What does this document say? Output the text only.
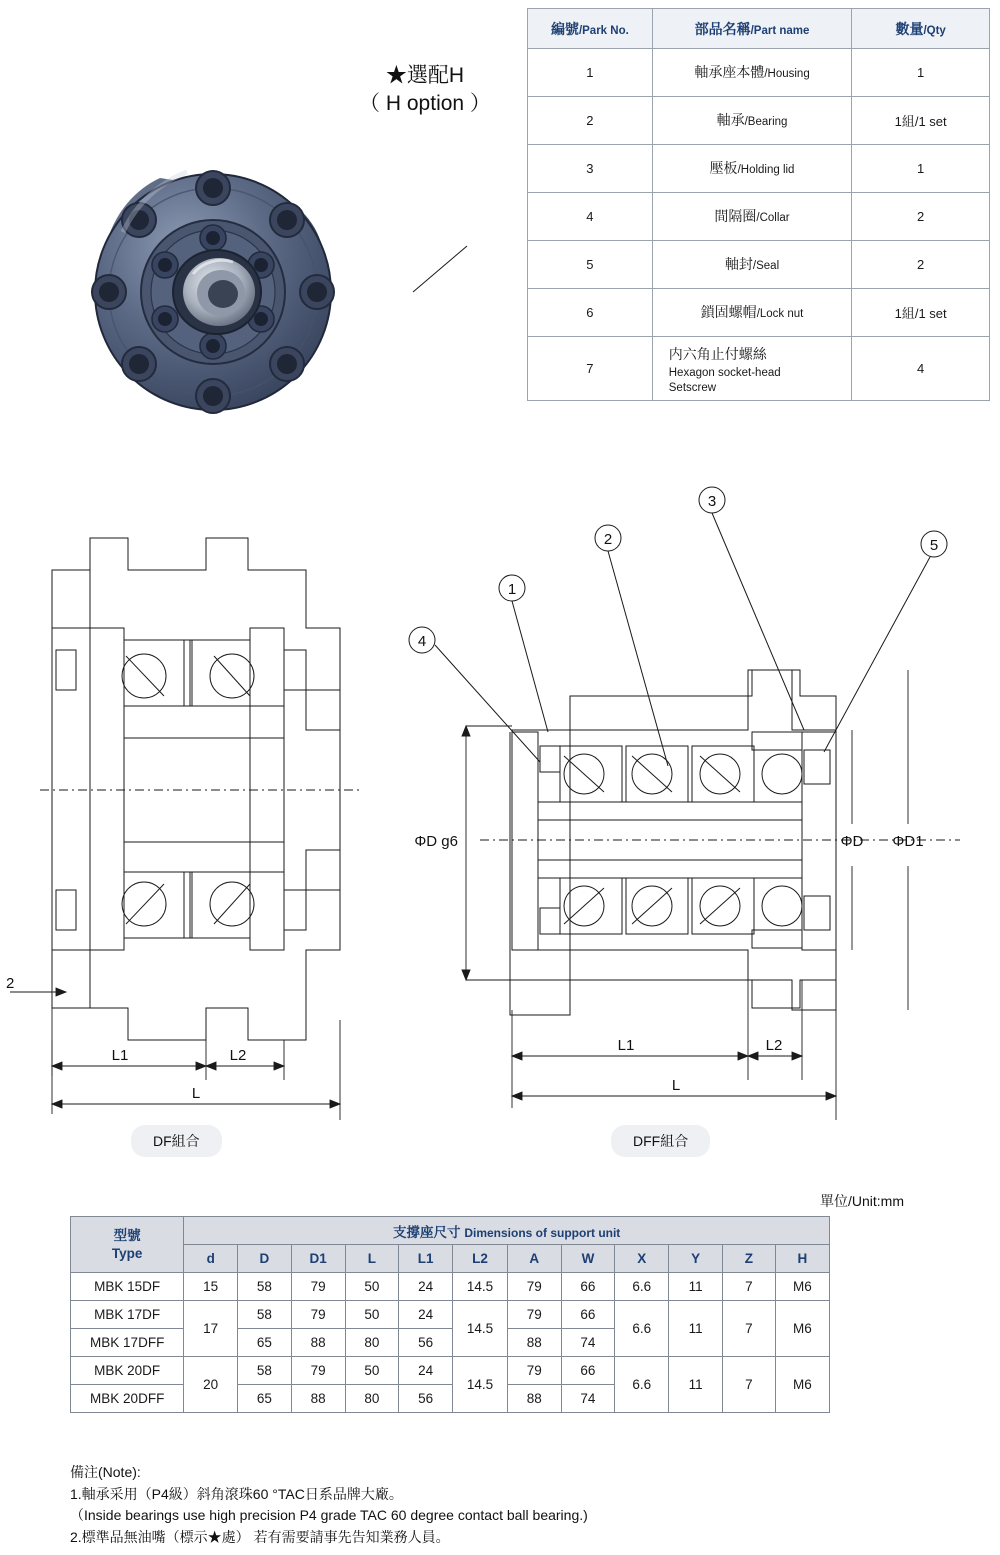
編號/Park No.	部品名稱/Part name	數量/Qty
1	軸承座本體/Housing	1
2	軸承/Bearing	1組/1 set
3	壓板/Holding lid	1
4	間隔圈/Collar	2
5	軸封/Seal	2
6	鎖固螺帽/Lock nut	1組/1 set
7	内六角止付螺絲
Hexagon socket-head
Setscrew	4
★選配H
（ H option ）
2
L1	L2
L
1
2
3
4
5
ΦD g6	ΦD ΦD1
L1	L2
L
DF組合	DFF組合
單位/Unit:mm
型號
Type	支撐座尺寸 Dimensions of support unit											
	d	D	D1	L	L1	L2	A	W	X	Y	Z	H
MBK 15DF	15	58	79	50	24	14.5	79	66	6.6	11	7	M6
MBK 17DF	17	58	79	50	24	14.5	79	66	6.6	11	7	M6
MBK 17DFF		65	88	80	56		88	74				
MBK 20DF	20	58	79	50	24	14.5	79	66	6.6	11	7	M6
MBK 20DFF		65	88	80	56		88	74				
備注(Note):
1.軸承采用（P4級）斜角滾珠60 °TAC日系品牌大廠。
（Inside bearings use high precision P4 grade TAC 60 degree contact ball bearing.)
2.標準品無油嘴（標示★處） 若有需要請事先告知業務人員。
